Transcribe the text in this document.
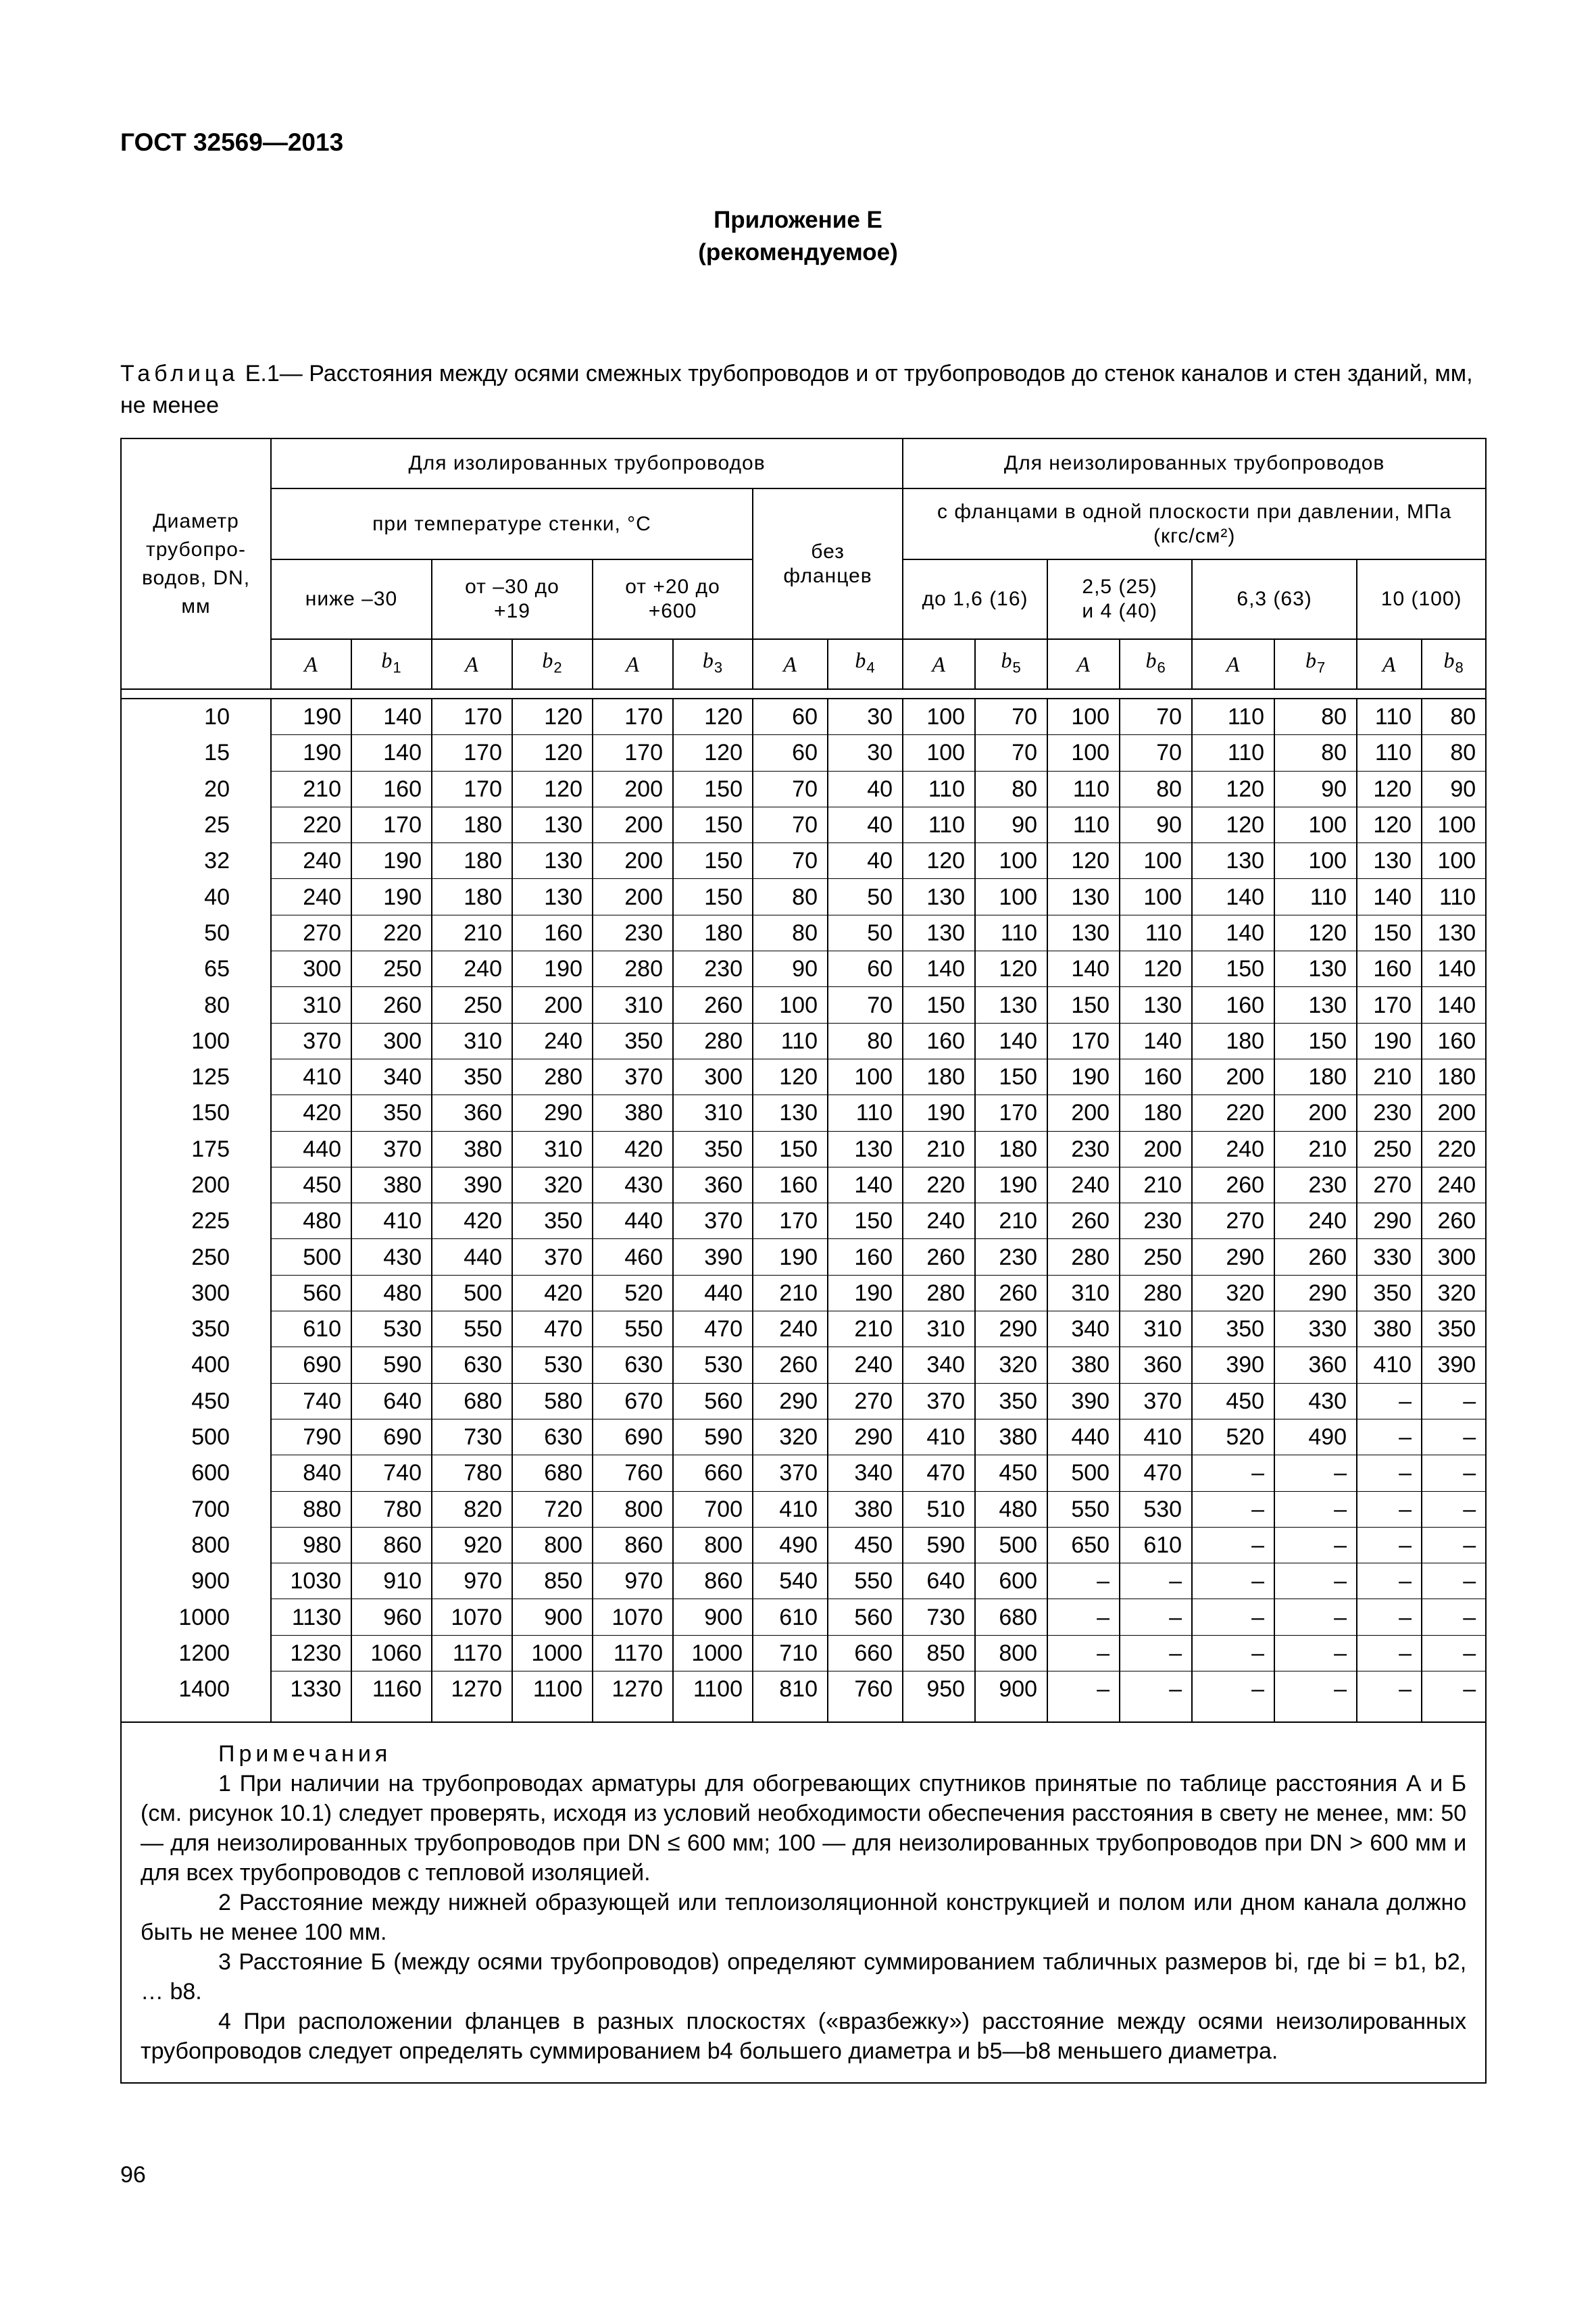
ГОСТ 32569—2013
Приложение Е
(рекомендуемое)
Таблица Е.1— Расстояния между осями смежных трубопроводов и от трубопроводов до стенок каналов и стен зданий, мм, не менее
Диаметр трубопро-водов, DN, мм	Для изолированных трубопроводов								Для неизолированных трубопроводов							
	при температуре стенки, °С						без фланцев		с фланцами в одной плоскости при давлении, МПа (кгс/см²)							
	ниже –30		от –30 до +19		от +20 до +600				до 1,6 (16)		2,5 (25) и 4 (40)		6,3 (63)		10 (100)	
	A	$b_1$	A	$b_2$	A	$b_3$	A	$b_4$	A	$b_5$	A	$b_6$	A	$b_7$	A	$b_8$

10	190	140	170	120	170	120	60	30	100	70	100	70	110	80	110	80
15	190	140	170	120	170	120	60	30	100	70	100	70	110	80	110	80
20	210	160	170	120	200	150	70	40	110	80	110	80	120	90	120	90
25	220	170	180	130	200	150	70	40	110	90	110	90	120	100	120	100
32	240	190	180	130	200	150	70	40	120	100	120	100	130	100	130	100
40	240	190	180	130	200	150	80	50	130	100	130	100	140	110	140	110
50	270	220	210	160	230	180	80	50	130	110	130	110	140	120	150	130
65	300	250	240	190	280	230	90	60	140	120	140	120	150	130	160	140
80	310	260	250	200	310	260	100	70	150	130	150	130	160	130	170	140
100	370	300	310	240	350	280	110	80	160	140	170	140	180	150	190	160
125	410	340	350	280	370	300	120	100	180	150	190	160	200	180	210	180
150	420	350	360	290	380	310	130	110	190	170	200	180	220	200	230	200
175	440	370	380	310	420	350	150	130	210	180	230	200	240	210	250	220
200	450	380	390	320	430	360	160	140	220	190	240	210	260	230	270	240
225	480	410	420	350	440	370	170	150	240	210	260	230	270	240	290	260
250	500	430	440	370	460	390	190	160	260	230	280	250	290	260	330	300
300	560	480	500	420	520	440	210	190	280	260	310	280	320	290	350	320
350	610	530	550	470	550	470	240	210	310	290	340	310	350	330	380	350
400	690	590	630	530	630	530	260	240	340	320	380	360	390	360	410	390
450	740	640	680	580	670	560	290	270	370	350	390	370	450	430	–	–
500	790	690	730	630	690	590	320	290	410	380	440	410	520	490	–	–
600	840	740	780	680	760	660	370	340	470	450	500	470	–	–	–	–
700	880	780	820	720	800	700	410	380	510	480	550	530	–	–	–	–
800	980	860	920	800	860	800	490	450	590	500	650	610	–	–	–	–
900	1030	910	970	850	970	860	540	550	640	600	–	–	–	–	–	–
1000	1130	960	1070	900	1070	900	610	560	730	680	–	–	–	–	–	–
1200	1230	1060	1170	1000	1170	1000	710	660	850	800	–	–	–	–	–	–
1400	1330	1160	1270	1100	1270	1100	810	760	950	900	–	–	–	–	–	–

Примечания
1 При наличии на трубопроводах арматуры для обогревающих спутников принятые по таблице расстояния А и Б (см. рисунок 10.1) следует проверять, исходя из условий необходимости обеспечения расстояния в свету не менее, мм: 50 — для неизолированных трубопроводов при DN ≤ 600 мм; 100 — для неизолированных трубопроводов при DN > 600 мм и для всех трубопроводов с тепловой изоляцией.
2 Расстояние между нижней образующей или теплоизоляционной конструкцией и полом или дном канала должно быть не менее 100 мм.
3 Расстояние Б (между осями трубопроводов) определяют суммированием табличных размеров bi, где bi = b1, b2, … b8.
4 При расположении фланцев в разных плоскостях («вразбежку») расстояние между осями неизолированных трубопроводов следует определять суммированием b4 большего диаметра и b5—b8 меньшего диаметра.																
96
